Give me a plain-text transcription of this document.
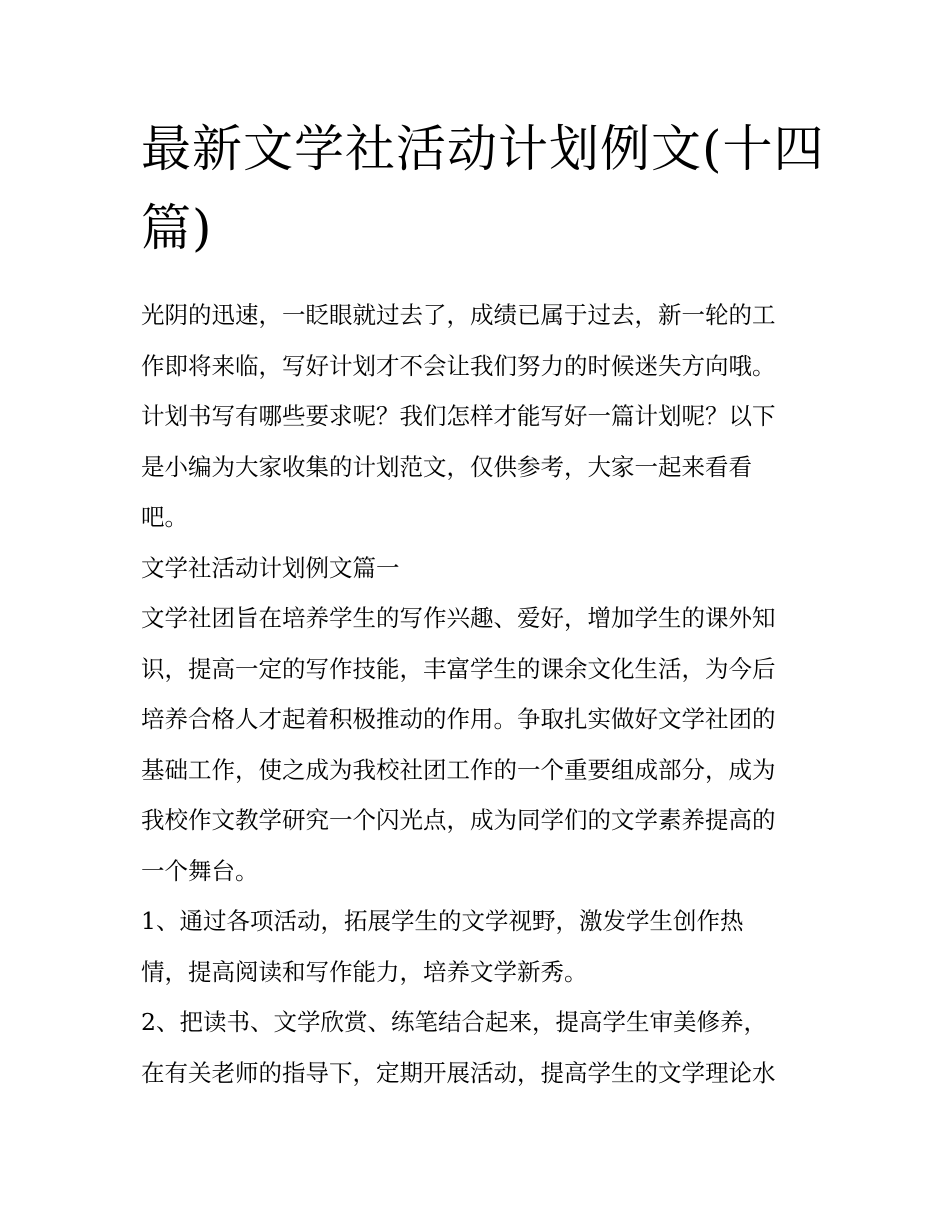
最新文学社活动计划例文(十四
篇)

光阴的迅速，一眨眼就过去了，成绩已属于过去，新一轮的工
作即将来临，写好计划才不会让我们努力的时候迷失方向哦。
计划书写有哪些要求呢？我们怎样才能写好一篇计划呢？以下
是小编为大家收集的计划范文，仅供参考，大家一起来看看
吧。

文学社活动计划例文篇一

文学社团旨在培养学生的写作兴趣、爱好，增加学生的课外知
识，提高一定的写作技能，丰富学生的课余文化生活，为今后
培养合格人才起着积极推动的作用。争取扎实做好文学社团的
基础工作，使之成为我校社团工作的一个重要组成部分，成为
我校作文教学研究一个闪光点，成为同学们的文学素养提高的
一个舞台。

1、通过各项活动，拓展学生的文学视野，激发学生创作热
情，提高阅读和写作能力，培养文学新秀。

2、把读书、文学欣赏、练笔结合起来，提高学生审美修养，
在有关老师的指导下，定期开展活动，提高学生的文学理论水
